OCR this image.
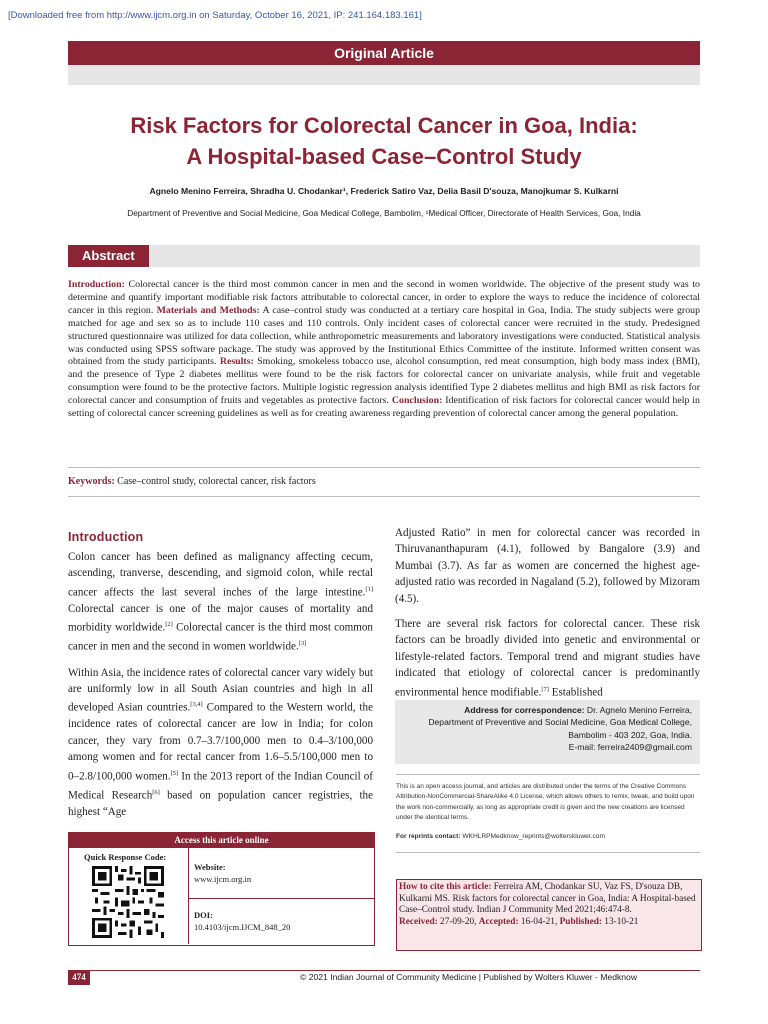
[Downloaded free from http://www.ijcm.org.in on Saturday, October 16, 2021, IP: 241.164.183.161]
Original Article
Risk Factors for Colorectal Cancer in Goa, India:
A Hospital-based Case–Control Study
Agnelo Menino Ferreira, Shradha U. Chodankar¹, Frederick Satiro Vaz, Delia Basil D'souza, Manojkumar S. Kulkarni
Department of Preventive and Social Medicine, Goa Medical College, Bambolim, ¹Medical Officer, Directorate of Health Services, Goa, India
Abstract
Introduction: Colorectal cancer is the third most common cancer in men and the second in women worldwide. The objective of the present study was to determine and quantify important modifiable risk factors attributable to colorectal cancer, in order to explore the ways to reduce the incidence of colorectal cancer in this region. Materials and Methods: A case–control study was conducted at a tertiary care hospital in Goa, India. The study subjects were group matched for age and sex so as to include 110 cases and 110 controls. Only incident cases of colorectal cancer were recruited in the study. Predesigned structured questionnaire was utilized for data collection, while anthropometric measurements and laboratory investigations were conducted. Statistical analysis was conducted using SPSS software package. The study was approved by the Institutional Ethics Committee of the institute. Informed written consent was obtained from the study participants. Results: Smoking, smokeless tobacco use, alcohol consumption, red meat consumption, high body mass index (BMI), and the presence of Type 2 diabetes mellitus were found to be the risk factors for colorectal cancer on univariate analysis, while fruit and vegetable consumption were found to be the protective factors. Multiple logistic regression analysis identified Type 2 diabetes mellitus and high BMI as risk factors for colorectal cancer and consumption of fruits and vegetables as protective factors. Conclusion: Identification of risk factors for colorectal cancer would help in setting of colorectal cancer screening guidelines as well as for creating awareness regarding prevention of colorectal cancer among the general population.
Keywords: Case–control study, colorectal cancer, risk factors
Introduction

Colon cancer has been defined as malignancy affecting cecum, ascending, tranverse, descending, and sigmoid colon, while rectal cancer affects the last several inches of the large intestine.[1] Colorectal cancer is one of the major causes of mortality and morbidity worldwide.[2] Colorectal cancer is the third most common cancer in men and the second in women worldwide.[3]

Within Asia, the incidence rates of colorectal cancer vary widely but are uniformly low in all South Asian countries and high in all developed Asian countries.[3,4] Compared to the Western world, the incidence rates of colorectal cancer are low in India; for colon cancer, they vary from 0.7–3.7/100,000 men to 0.4–3/100,000 among women and for rectal cancer from 1.6–5.5/100,000 men to 0–2.8/100,000 women.[5] In the 2013 report of the Indian Council of Medical Research[6] based on population cancer registries, the highest “Age

Adjusted Ratio” in men for colorectal cancer was recorded in Thiruvananthapuram (4.1), followed by Bangalore (3.9) and Mumbai (3.7). As far as women are concerned the highest age-adjusted ratio was recorded in Nagaland (5.2), followed by Mizoram (4.5).

There are several risk factors for colorectal cancer. These risk factors can be broadly divided into genetic and environmental or lifestyle-related factors. Temporal trend and migrant studies have indicated that etiology of colorectal cancer is predominantly environmental hence modifiable.[7] Established

Address for correspondence: Dr. Agnelo Menino Ferreira,
Department of Preventive and Social Medicine, Goa Medical College,
Bambolim - 403 202, Goa, India.
E-mail: ferreira2409@gmail.com
This is an open access journal, and articles are distributed under the terms of the Creative Commons Attribution-NonCommercial-ShareAlike 4.0 License, which allows others to remix, tweak, and build upon the work non-commercially, as long as appropriate credit is given and the new creations are licensed under the identical terms.
For reprints contact: WKHLRPMedknow_reprints@wolterskluwer.com
Access this article online
Quick Response Code:
Website:
www.ijcm.org.in
DOI:
10.4103/ijcm.IJCM_848_20
How to cite this article: Ferreira AM, Chodankar SU, Vaz FS, D'souza DB, Kulkarni MS. Risk factors for colorectal cancer in Goa, India: A Hospital-based Case–Control study. Indian J Community Med 2021;46:474-8.
Received: 27-09-20, Accepted: 16-04-21, Published: 13-10-21
474	© 2021 Indian Journal of Community Medicine | Published by Wolters Kluwer - Medknow
